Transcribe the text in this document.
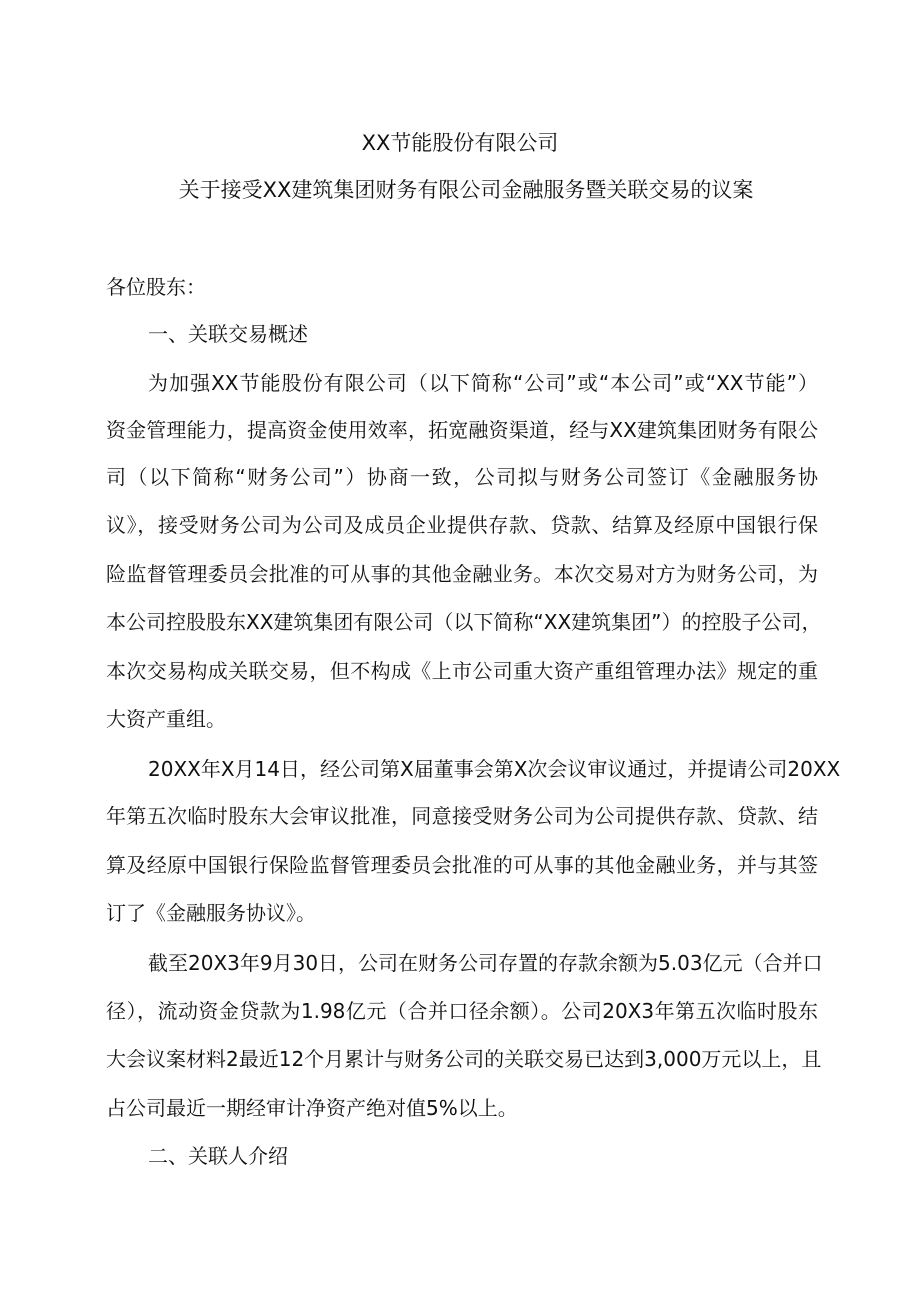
XX节能股份有限公司

关于接受XX建筑集团财务有限公司金融服务暨关联交易的议案

各位股东：

一、关联交易概述

为加强XX节能股份有限公司（以下简称“公司”或“本公司”或“XX节能”）

资金管理能力，提高资金使用效率，拓宽融资渠道，经与XX建筑集团财务有限公

司（以下简称“财务公司”）协商一致，公司拟与财务公司签订《金融服务协

议》，接受财务公司为公司及成员企业提供存款、贷款、结算及经原中国银行保

险监督管理委员会批准的可从事的其他金融业务。本次交易对方为财务公司，为

本公司控股股东XX建筑集团有限公司（以下简称“XX建筑集团”）的控股子公司，

本次交易构成关联交易，但不构成《上市公司重大资产重组管理办法》规定的重

大资产重组。

20XX年X月14日，经公司第X届董事会第X次会议审议通过，并提请公司20XX

年第五次临时股东大会审议批准，同意接受财务公司为公司提供存款、贷款、结

算及经原中国银行保险监督管理委员会批准的可从事的其他金融业务，并与其签

订了《金融服务协议》。

截至20X3年9月30日，公司在财务公司存置的存款余额为5.03亿元（合并口

径），流动资金贷款为1.98亿元（合并口径余额）。公司20X3年第五次临时股东

大会议案材料2最近12个月累计与财务公司的关联交易已达到3,000万元以上，且

占公司最近一期经审计净资产绝对值5%以上。

二、关联人介绍
